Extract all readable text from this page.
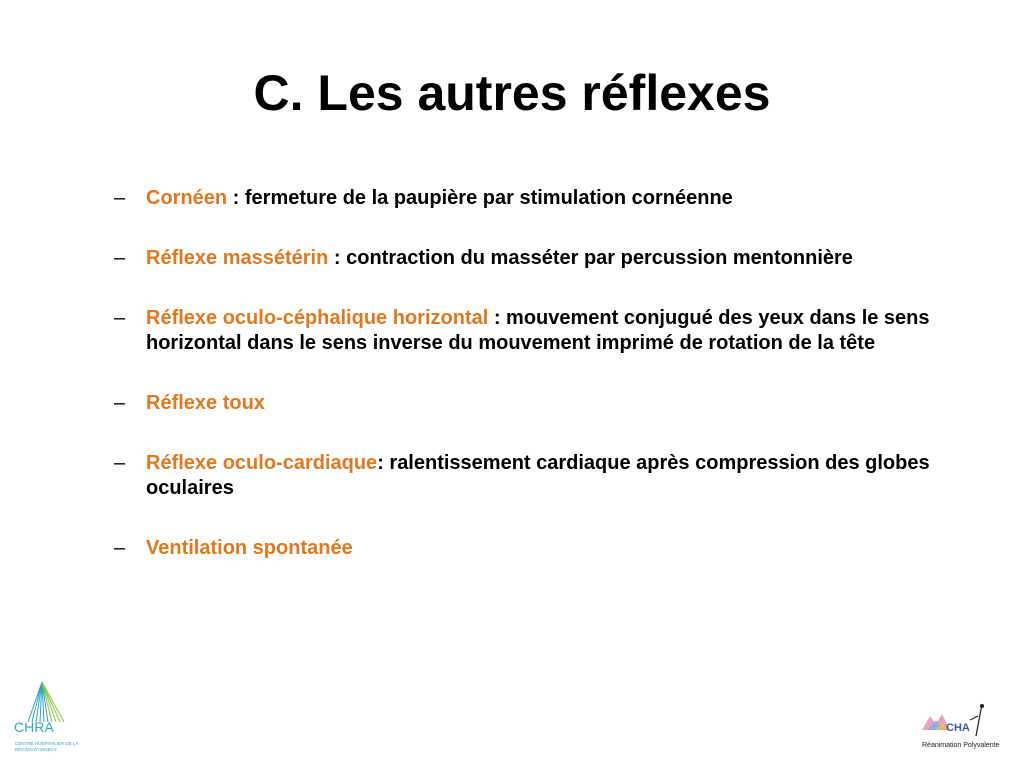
C. Les autres réflexes
– Cornéen : fermeture de la paupière par stimulation cornéenne
– Réflexe massétérin : contraction du masséter par percussion mentonnière
– Réflexe oculo-céphalique horizontal : mouvement conjugué des yeux dans le sens horizontal dans le sens inverse du mouvement imprimé de rotation de la tête
– Réflexe toux
– Réflexe oculo-cardiaque: ralentissement cardiaque après compression des globes oculaires
– Ventilation spontanée
CHRA
CENTRE HOSPITALIER DE LA RÉGION D'ANNECY
CHA
Réanimation Polyvalente
